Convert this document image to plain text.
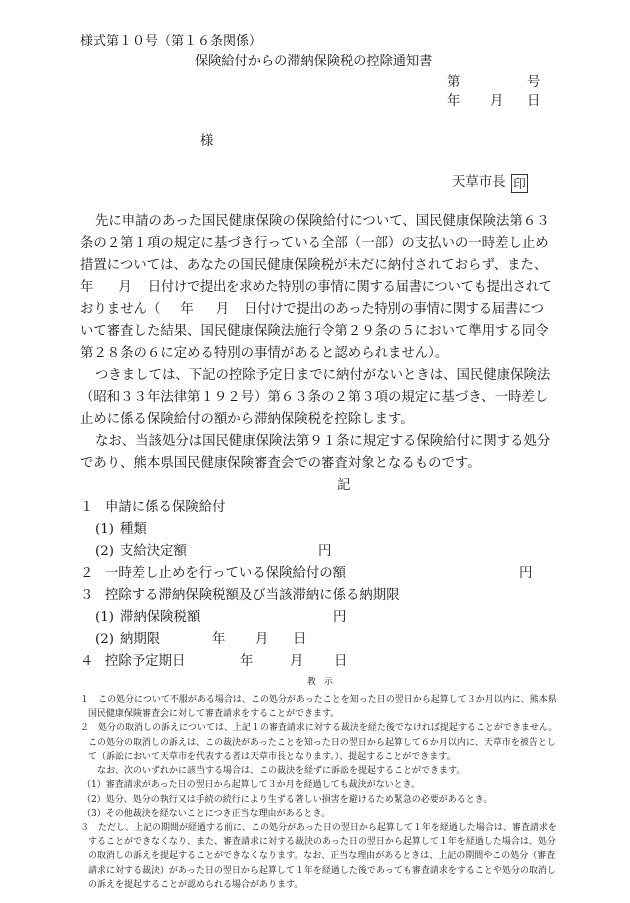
様式第１０号（第１６条関係）
保険給付からの滞納保険税の控除通知書
第	号
年 月 日
様
天草市長 印
先に申請のあった国民健康保険の保険給付について、国民健康保険法第６３
条の２第１項の規定に基づき行っている全部（一部）の支払いの一時差し止め
措置については、あなたの国民健康保険税が未だに納付されておらず、また、
年 月 日付けで提出を求めた特別の事情に関する届書についても提出されて
おりません（ 年 月 日付けで提出のあった特別の事情に関する届書につ
いて審査した結果、国民健康保険法施行令第２９条の５において準用する同令
第２８条の６に定める特別の事情があると認められません）。
つきましては、下記の控除予定日までに納付がないときは、国民健康保険法
（昭和３３年法律第１９２号）第６３条の２第３項の規定に基づき、一時差し
止めに係る保険給付の額から滞納保険税を控除します。
なお、当該処分は国民健康保険法第９１条に規定する保険給付に関する処分
であり、熊本県国民健康保険審査会での審査対象となるものです。
記
１ 申請に係る保険給付
(1) 種類
(2) 支給決定額	円
２ 一時差し止めを行っている保険給付の額	円
３ 控除する滞納保険税額及び当該滞納に係る納期限
(1) 滞納保険税額	円
(2) 納期限	年 月 日
４ 控除予定期日	年	月 日
教　示
１　この処分について不服がある場合は、この処分があったことを知った日の翌日から起算して３か月以内に、熊本県
国民健康保険審査会に対して審査請求をすることができます。
２　処分の取消しの訴えについては、上記１の審査請求に対する裁決を経た後でなければ提起することができません。
この処分の取消しの訴えは、この裁決があったことを知った日の翌日から起算して６か月以内に、天草市を被告とし
て（訴訟において天草市を代表する者は天草市長となります。）、提起することができます。
なお、次のいずれかに該当する場合は、この裁決を経ずに訴訟を提起することができます。
（1）審査請求があった日の翌日から起算して３か月を経過しても裁決がないとき。
（2）処分、処分の執行又は手続の続行により生ずる著しい損害を避けるため緊急の必要があるとき。
（3）その他裁決を経ないことにつき正当な理由があるとき。
３　ただし、上記の期間が経過する前に、この処分があった日の翌日から起算して１年を経過した場合は、審査請求を
することができなくなり、また、審査請求に対する裁決のあった日の翌日から起算して１年を経過した場合は、処分
の取消しの訴えを提起することができなくなります。なお、正当な理由があるときは、上記の期間やこの処分（審査
請求に対する裁決）があった日の翌日から起算して１年を経過した後であっても審査請求をすることや処分の取消し
の訴えを提起することが認められる場合があります。
